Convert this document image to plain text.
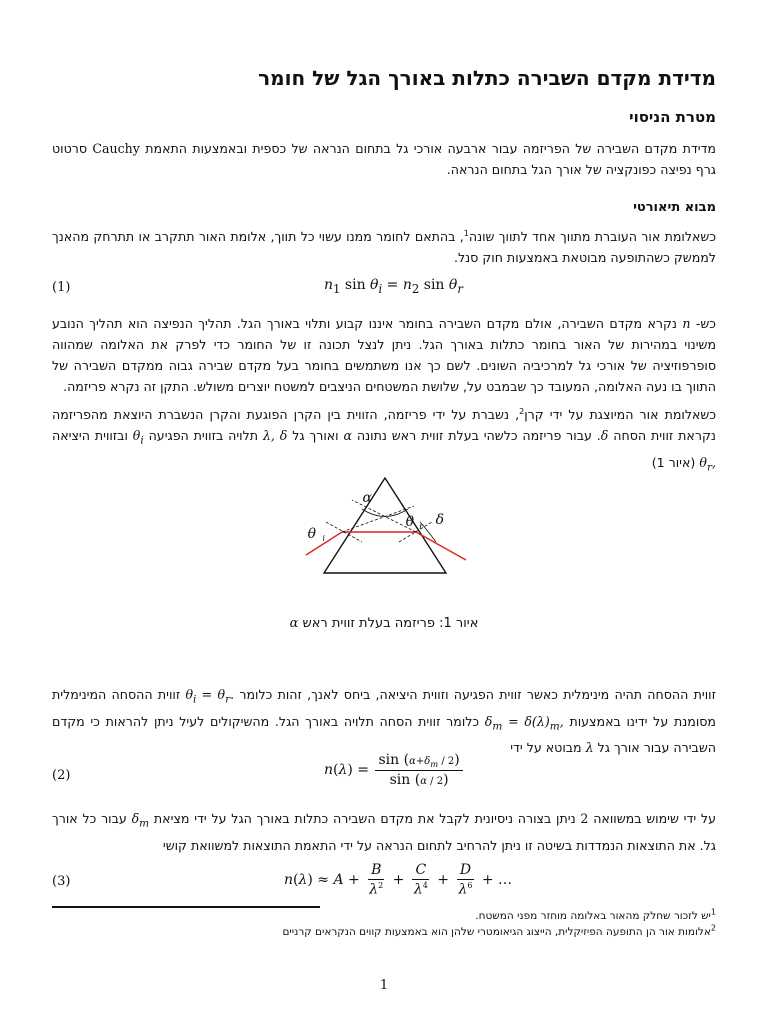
מדידת מקדם השבירה כתלות באורך הגל של חומר
מטרת הניסוי

מדידת מקדם השבירה של הפריזמה עבור ארבעה אורכי גל בתחום הנראה של כספית ובאמצעות התאמת Cauchy סרטוט גרף נפיצה כפונקציה של אורך הגל בתחום הנראה.

מבוא תיאורטי

כשאלומת אור העוברת מתווך אחד לתווך שונה$^1$, בהתאם לחומר ממנו עשוי כל תווך, אלומת האור תתקרב או תתרחק מהאנך לממשק כשהתופעה מבוטאת באמצעות חוק סנל.

$n_1$ $\sin \theta_i = n_2$ $\sin \theta_r$
(1)

כש- n נקרא מקדם השבירה, אולם מקדם השבירה בחומר איננו קבוע ותלוי באורך הגל. תהליך הנפיצה הוא תהליך הנובע משינוי במהירות של האור בחומר כתלות באורך הגל. ניתן לנצל תכונה זו של החומר כדי לפרק את האלומה שמהווה סופרפוזיציה של אורכי גל למרכיביה השונים. לשם כך אנו משתמשים בחומר בעל מקדם שבירה גבוה ממקדם השבירה של התווך בו נעה האלומה, המעובד כך שבמבט על, שלושת המשטחים הניצבים למשטח יוצרים משולש. התקן זה נקרא פריזמה.

כשאלומת אור המיוצגת על ידי קרן$^2$, נשברת על ידי פריזמה, הזווית בין הקרן הפוגעת והקרן הנשברת היוצאת מהפריזמה נקראת זווית הסחה δ. עבור פריזמה כלשהי בעלת זווית ראש נתונה α ואורך גל λ, δ תלויה בזווית הפגיעה $\theta_i$ ובזווית היציאה $\theta_r$, (איור 1)

α
δ
θ i
θ r
איור 1: פריזמה בעלת זווית ראש α

זווית ההסחה תהיה מינימלית כאשר זווית הפגיעה וזווית היציאה, ביחס לאנך, זהות כלומר $\theta_i = \theta_r$. זווית ההסחה המינימלית מסומנת על ידינו באמצעות $\delta_m = \delta(\lambda)_m$, כלומר זווית הסחה תלויה באורך הגל. מהשיקולים לעיל ניתן להראות כי מקדם השבירה עבור אורך גל λ מבוטא על ידי

$n(\lambda) = \frac{\sin (\alpha+\delta_m / 2)}{\sin (\alpha / 2)}$
(2)

על ידי שימוש במשוואה 2 ניתן בצורה ניסיונית לקבל את מקדם השבירה כתלות באורך הגל על ידי מציאת $\delta_m$ עבור כל אורך גל. את התוצאות הנמדדות בשיטה זו ניתן להרחיב לתחום הנראה על ידי התאמת התוצאות למשוואת קושי

$n(\lambda) \approx A + \frac{B}{\lambda^2} + \frac{C}{\lambda^4} + \frac{D}{\lambda^6}$ + …
(3)
$^1$יש לזכור שחלק מהאור באלומה מוחזר מפני המשטח.
$^2$אלומות אור הן התופעה הפיזיקלית, הייצוג הגיאומטרי שלהן הוא באמצעות קווים הנקראים קרניים
1
